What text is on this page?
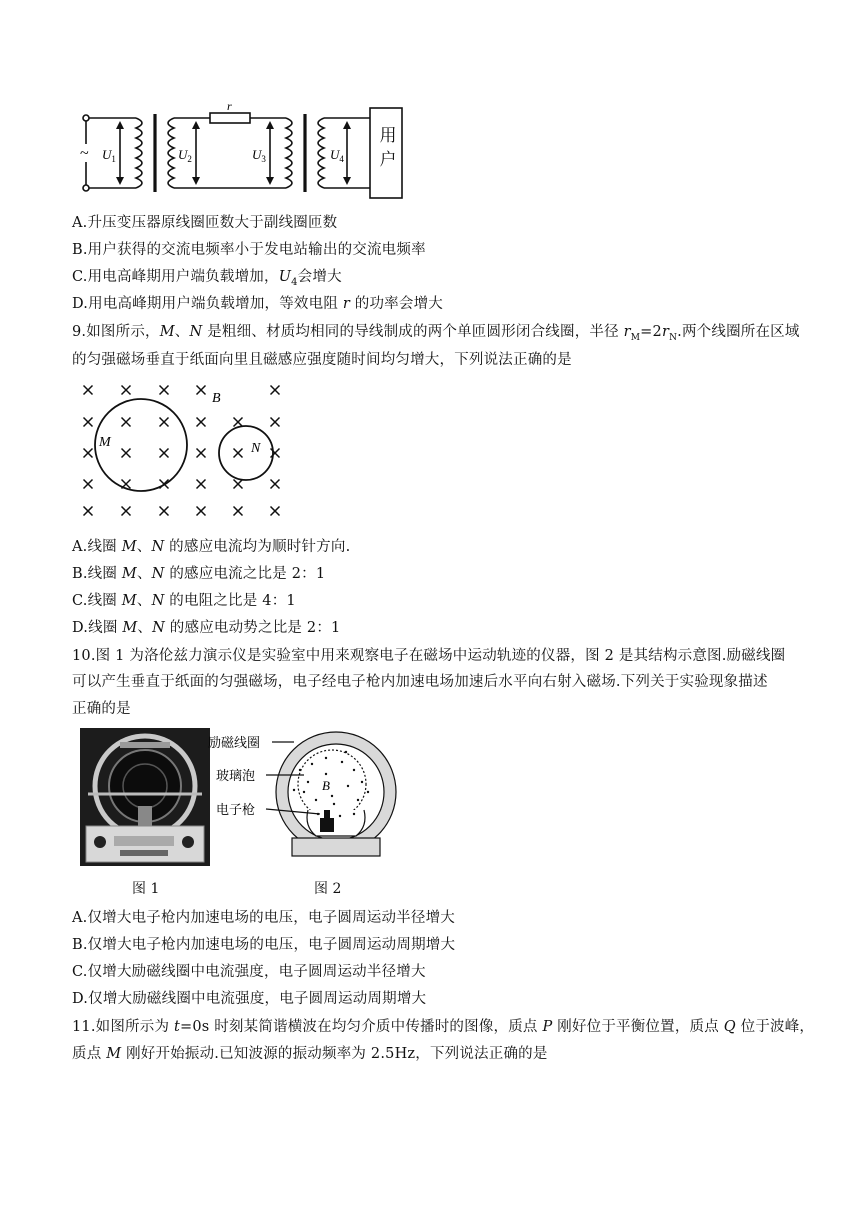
~
r
$U_1$	$U_2$	$U_3$	$U_4$
用户
A.升压变压器原线圈匝数大于副线圈匝数
B.用户获得的交流电频率小于发电站输出的交流电频率
C.用电高峰期用户端负载增加，$U_4$会增大
D.用电高峰期用户端负载增加，等效电阻 r 的功率会增大
9.如图所示，M、N 是粗细、材质均相同的导线制成的两个单匝圆形闭合线圈，半径 $r_M=2r_N$.两个线圈所在区域
的匀强磁场垂直于纸面向里且磁感应强度随时间均匀增大，下列说法正确的是
B
M	N
A.线圈 M、N 的感应电流均为顺时针方向.
B.线圈 M、N 的感应电流之比是 2：1
C.线圈 M、N 的电阻之比是 4：1
D.线圈 M、N 的感应电动势之比是 2：1
10.图 1 为洛伦兹力演示仪是实验室中用来观察电子在磁场中运动轨迹的仪器，图 2 是其结构示意图.励磁线圈
可以产生垂直于纸面的匀强磁场，电子经电子枪内加速电场加速后水平向右射入磁场.下列关于实验现象描述
正确的是
励磁线圈
玻璃泡
电子枪
B
图 1	图 2
A.仅增大电子枪内加速电场的电压，电子圆周运动半径增大
B.仅增大电子枪内加速电场的电压，电子圆周运动周期增大
C.仅增大励磁线圈中电流强度，电子圆周运动半径增大
D.仅增大励磁线圈中电流强度，电子圆周运动周期增大
11.如图所示为 t=0s 时刻某简谐横波在均匀介质中传播时的图像，质点 P 刚好位于平衡位置，质点 Q 位于波峰，
质点 M 刚好开始振动.已知波源的振动频率为 2.5Hz，下列说法正确的是
